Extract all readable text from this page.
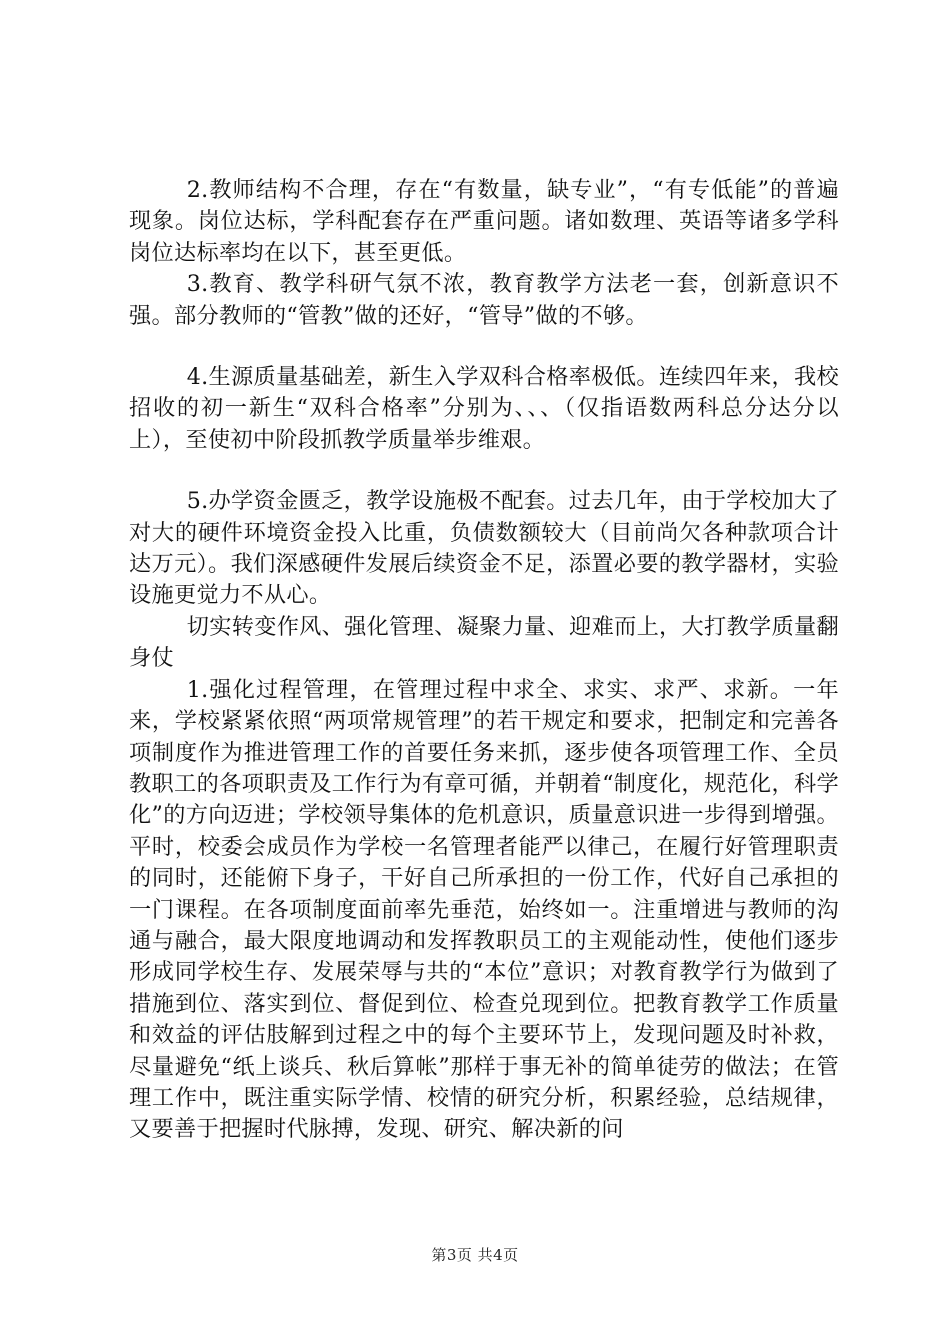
2.教师结构不合理，存在“有数量，缺专业”，“有专低能”的普遍现象。岗位达标，学科配套存在严重问题。诸如数理、英语等诸多学科岗位达标率均在以下，甚至更低。

3.教育、教学科研气氛不浓，教育教学方法老一套，创新意识不强。部分教师的“管教”做的还好，“管导”做的不够。

4.生源质量基础差，新生入学双科合格率极低。连续四年来，我校招收的初一新生“双科合格率”分别为、、、（仅指语数两科总分达分以上），至使初中阶段抓教学质量举步维艰。

5.办学资金匮乏，教学设施极不配套。过去几年，由于学校加大了对大的硬件环境资金投入比重，负债数额较大（目前尚欠各种款项合计达万元）。我们深感硬件发展后续资金不足，添置必要的教学器材，实验设施更觉力不从心。

切实转变作风、强化管理、凝聚力量、迎难而上，大打教学质量翻身仗

1.强化过程管理，在管理过程中求全、求实、求严、求新。一年来，学校紧紧依照“两项常规管理”的若干规定和要求，把制定和完善各项制度作为推进管理工作的首要任务来抓，逐步使各项管理工作、全员教职工的各项职责及工作行为有章可循，并朝着“制度化，规范化，科学化”的方向迈进；学校领导集体的危机意识，质量意识进一步得到增强。平时，校委会成员作为学校一名管理者能严以律己，在履行好管理职责的同时，还能俯下身子，干好自己所承担的一份工作，代好自己承担的一门课程。在各项制度面前率先垂范，始终如一。注重增进与教师的沟通与融合，最大限度地调动和发挥教职员工的主观能动性，使他们逐步形成同学校生存、发展荣辱与共的“本位”意识；对教育教学行为做到了措施到位、落实到位、督促到位、检查兑现到位。把教育教学工作质量和效益的评估肢解到过程之中的每个主要环节上，发现问题及时补救，尽量避免“纸上谈兵、秋后算帐”那样于事无补的简单徒劳的做法；在管理工作中，既注重实际学情、校情的研究分析，积累经验，总结规律，又要善于把握时代脉搏，发现、研究、解决新的问

第3页 共4页
